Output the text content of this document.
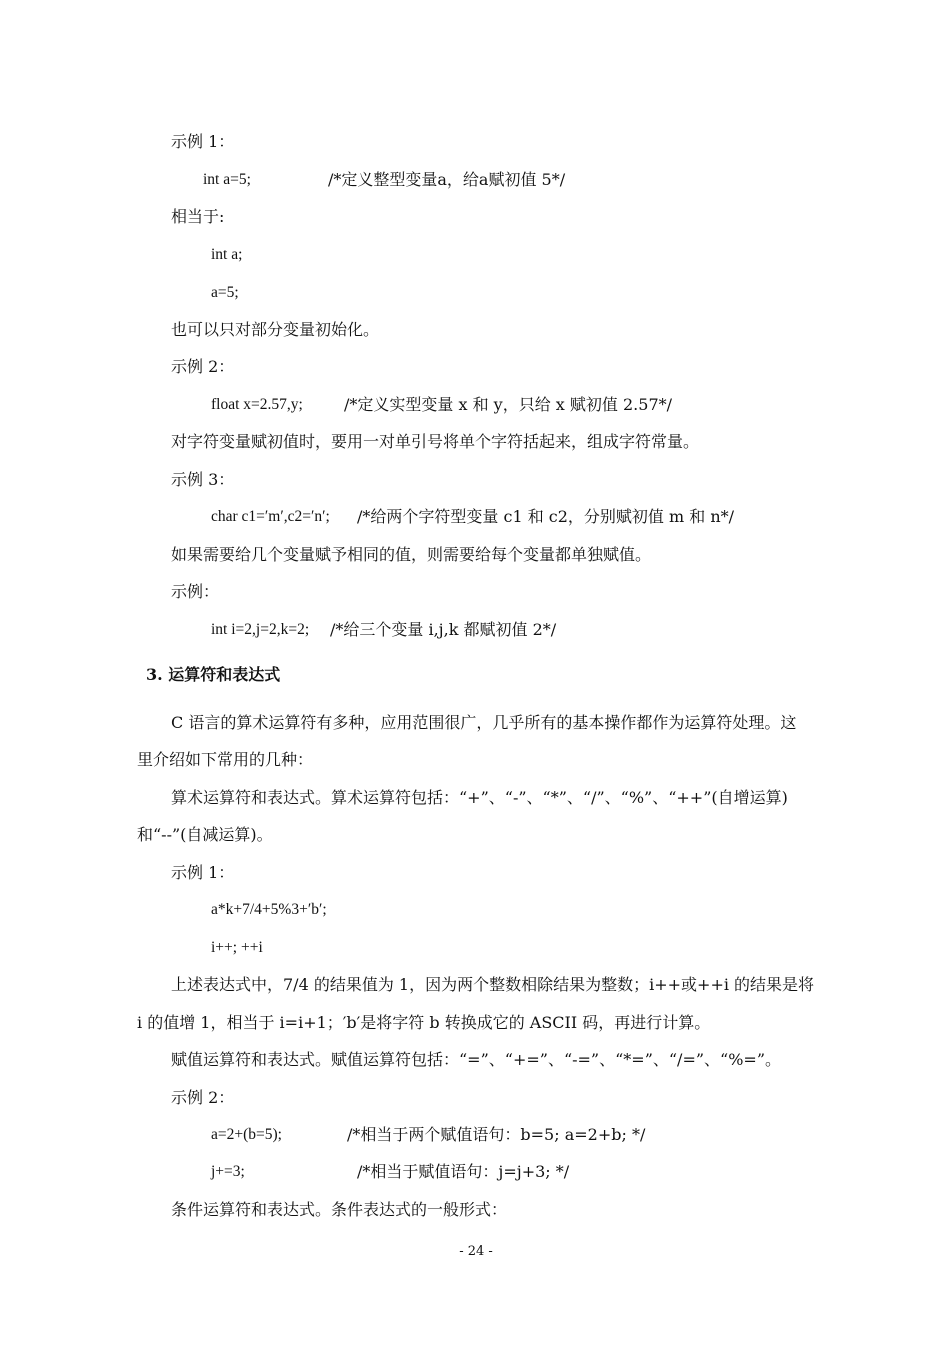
示例 1：
int a=5;	/*定义整型变量a，给a赋初值 5*/
相当于:
int a;
a=5;
也可以只对部分变量初始化。
示例 2：
float x=2.57,y;	/*定义实型变量 x 和 y，只给 x 赋初值 2.57*/
对字符变量赋初值时，要用一对单引号将单个字符括起来，组成字符常量。
示例 3：
char c1=′m′,c2=′n′; /*给两个字符型变量 c1 和 c2，分别赋初值 m 和 n*/
如果需要给几个变量赋予相同的值，则需要给每个变量都单独赋值。
示例：
int i=2,j=2,k=2; /*给三个变量 i,j,k 都赋初值 2*/
3. 运算符和表达式
C 语言的算术运算符有多种，应用范围很广，几乎所有的基本操作都作为运算符处理。这
里介绍如下常用的几种：
算术运算符和表达式。算术运算符包括：“+”、“-”、“*”、“/”、“%”、“++”(自增运算)
和“--”(自减运算)。
示例 1：
a*k+7/4+5%3+′b′;
i++; ++i
上述表达式中，7/4 的结果值为 1，因为两个整数相除结果为整数；i++或++i 的结果是将
i 的值增 1，相当于 i=i+1；′b′是将字符 b 转换成它的 ASCII 码，再进行计算。
赋值运算符和表达式。赋值运算符包括：“=”、“+=”、“-=”、“*=”、“/=”、“%=”。
示例 2：
a=2+(b=5);	/*相当于两个赋值语句：b=5; a=2+b; */
j+=3;	/*相当于赋值语句：j=j+3; */
条件运算符和表达式。条件表达式的一般形式：
- 24 -
